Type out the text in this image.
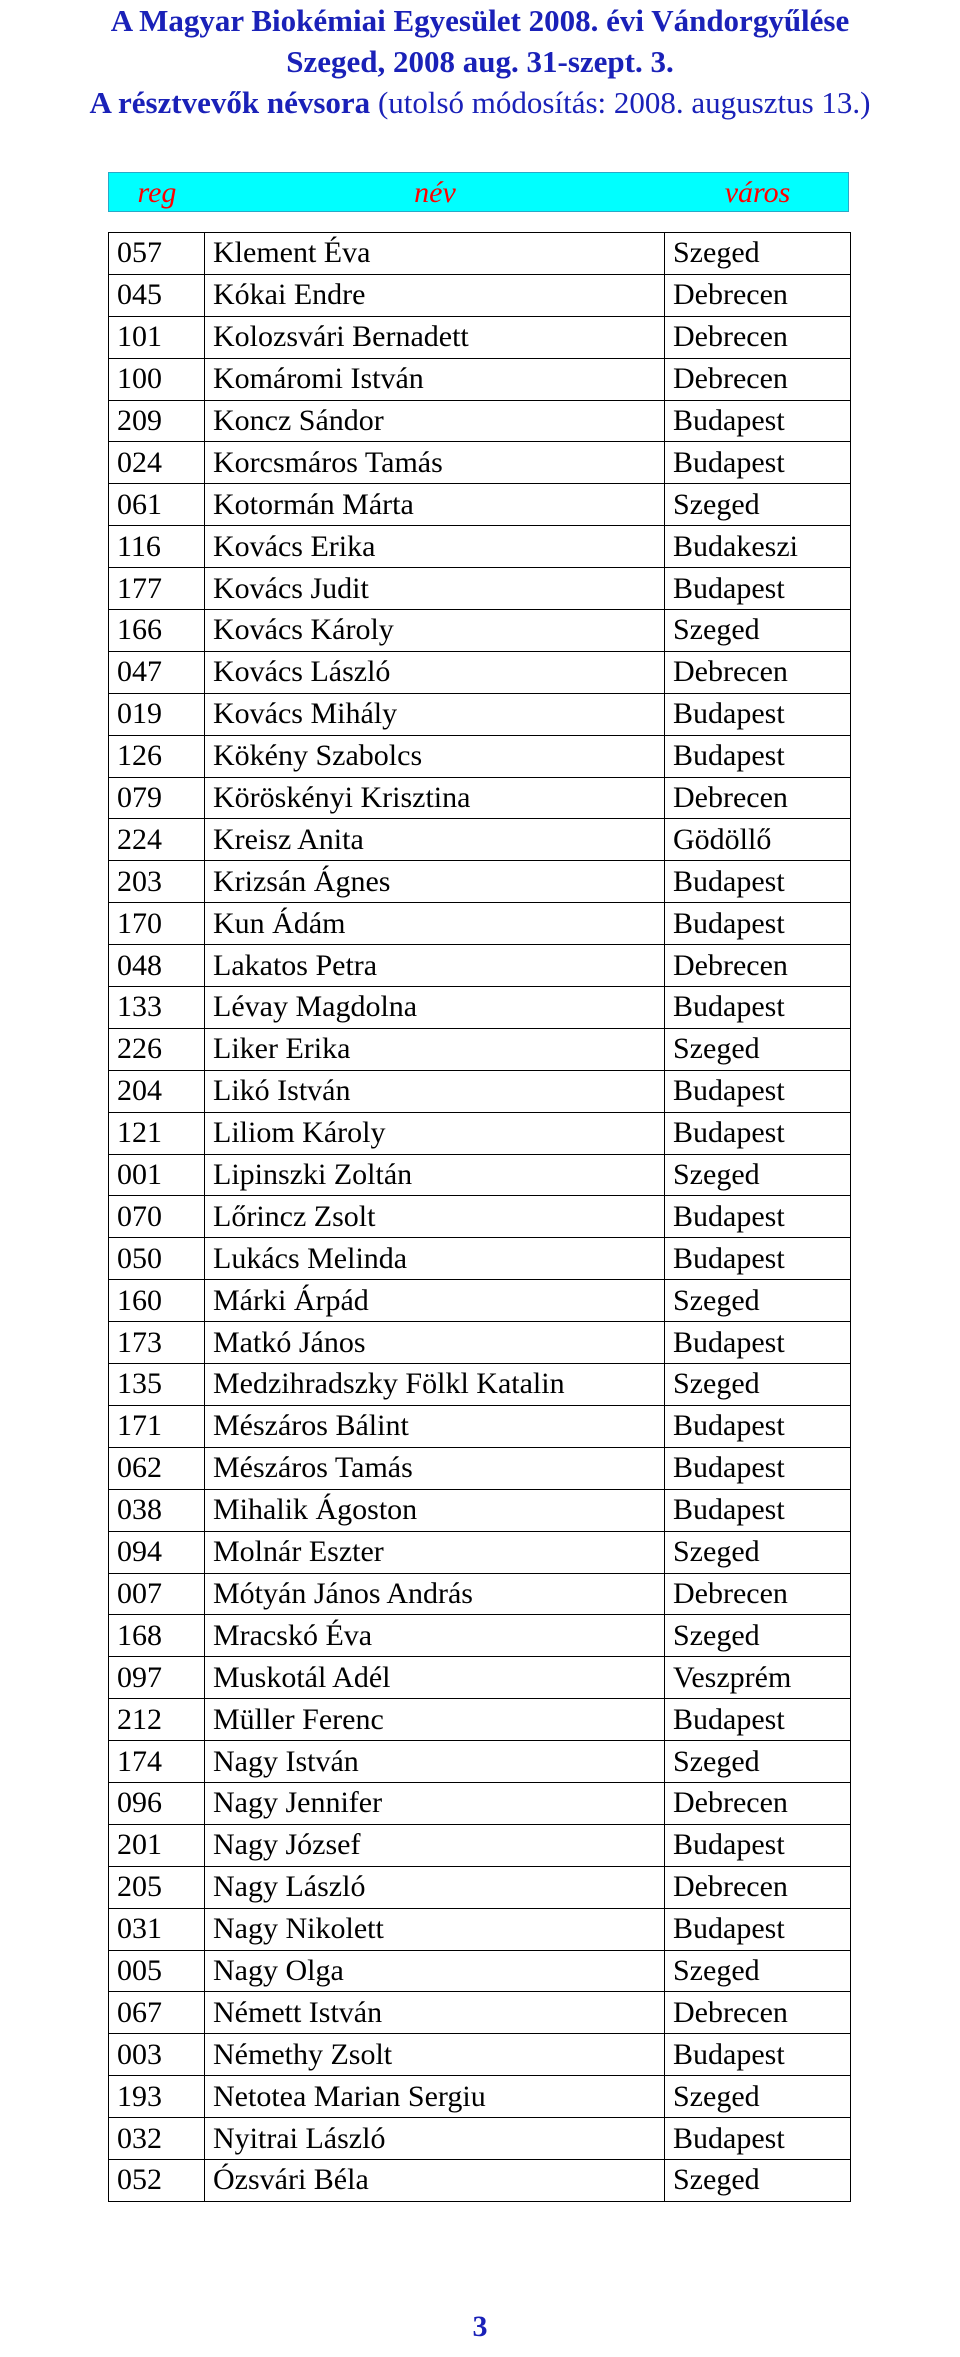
A Magyar Biokémiai Egyesület 2008. évi Vándorgyűlése
Szeged, 2008 aug. 31-szept. 3.
A résztvevők névsora (utolsó módosítás: 2008. augusztus 13.)
reg	név	város
057	Klement Éva	Szeged
045	Kókai Endre	Debrecen
101	Kolozsvári Bernadett	Debrecen
100	Komáromi István	Debrecen
209	Koncz Sándor	Budapest
024	Korcsmáros Tamás	Budapest
061	Kotormán Márta	Szeged
116	Kovács Erika	Budakeszi
177	Kovács Judit	Budapest
166	Kovács Károly	Szeged
047	Kovács László	Debrecen
019	Kovács Mihály	Budapest
126	Kökény Szabolcs	Budapest
079	Köröskényi Krisztina	Debrecen
224	Kreisz Anita	Gödöllő
203	Krizsán Ágnes	Budapest
170	Kun Ádám	Budapest
048	Lakatos Petra	Debrecen
133	Lévay Magdolna	Budapest
226	Liker Erika	Szeged
204	Likó István	Budapest
121	Liliom Károly	Budapest
001	Lipinszki Zoltán	Szeged
070	Lőrincz Zsolt	Budapest
050	Lukács Melinda	Budapest
160	Márki Árpád	Szeged
173	Matkó János	Budapest
135	Medzihradszky Fölkl Katalin	Szeged
171	Mészáros Bálint	Budapest
062	Mészáros Tamás	Budapest
038	Mihalik Ágoston	Budapest
094	Molnár Eszter	Szeged
007	Mótyán János András	Debrecen
168	Mracskó Éva	Szeged
097	Muskotál Adél	Veszprém
212	Müller Ferenc	Budapest
174	Nagy István	Szeged
096	Nagy Jennifer	Debrecen
201	Nagy József	Budapest
205	Nagy László	Debrecen
031	Nagy Nikolett	Budapest
005	Nagy Olga	Szeged
067	Némett István	Debrecen
003	Némethy Zsolt	Budapest
193	Netotea Marian Sergiu	Szeged
032	Nyitrai László	Budapest
052	Ózsvári Béla	Szeged
3
